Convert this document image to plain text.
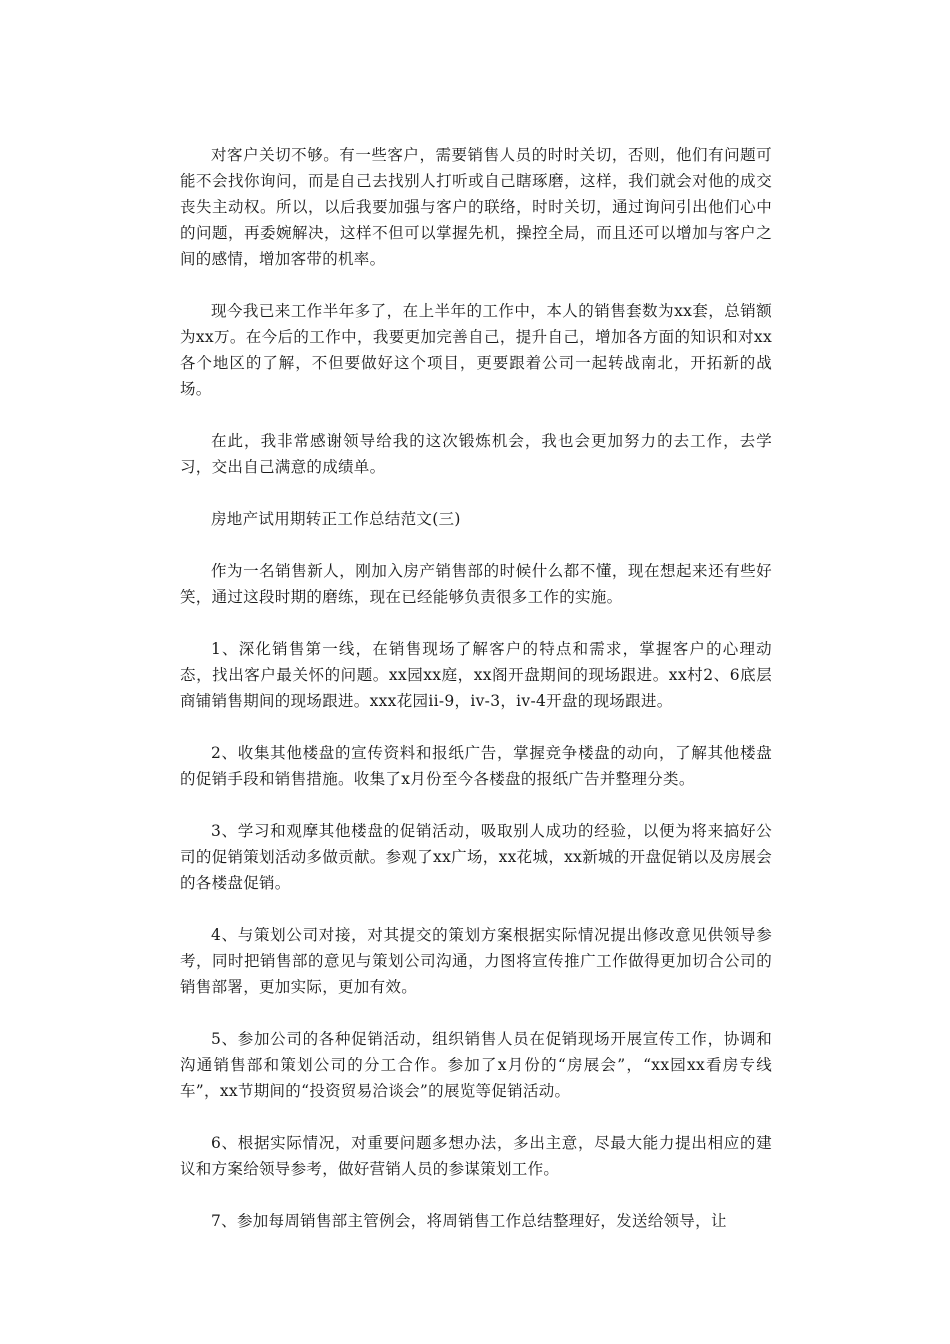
对客户关切不够。有一些客户，需要销售人员的时时关切，否则，他们有问题可能不会找你询问，而是自己去找别人打听或自己瞎琢磨，这样，我们就会对他的成交丧失主动权。所以，以后我要加强与客户的联络，时时关切，通过询问引出他们心中的问题，再委婉解决，这样不但可以掌握先机，操控全局，而且还可以增加与客户之间的感情，增加客带的机率。

现今我已来工作半年多了，在上半年的工作中，本人的销售套数为xx套，总销额为xx万。在今后的工作中，我要更加完善自己，提升自己，增加各方面的知识和对xx各个地区的了解，不但要做好这个项目，更要跟着公司一起转战南北，开拓新的战场。

在此，我非常感谢领导给我的这次锻炼机会，我也会更加努力的去工作，去学习，交出自己满意的成绩单。

房地产试用期转正工作总结范文(三)

作为一名销售新人，刚加入房产销售部的时候什么都不懂，现在想起来还有些好笑，通过这段时期的磨练，现在已经能够负责很多工作的实施。

1、深化销售第一线，在销售现场了解客户的特点和需求，掌握客户的心理动态，找出客户最关怀的问题。xx园xx庭，xx阁开盘期间的现场跟进。xx村2、6底层商铺销售期间的现场跟进。xxx花园ii-9，iv-3，iv-4开盘的现场跟进。

2、收集其他楼盘的宣传资料和报纸广告，掌握竞争楼盘的动向，了解其他楼盘的促销手段和销售措施。收集了x月份至今各楼盘的报纸广告并整理分类。

3、学习和观摩其他楼盘的促销活动，吸取别人成功的经验，以便为将来搞好公司的促销策划活动多做贡献。参观了xx广场，xx花城，xx新城的开盘促销以及房展会的各楼盘促销。

4、与策划公司对接，对其提交的策划方案根据实际情况提出修改意见供领导参考，同时把销售部的意见与策划公司沟通，力图将宣传推广工作做得更加切合公司的销售部署，更加实际，更加有效。

5、参加公司的各种促销活动，组织销售人员在促销现场开展宣传工作，协调和沟通销售部和策划公司的分工合作。参加了x月份的“房展会”，“xx园xx看房专线车”，xx节期间的“投资贸易洽谈会”的展览等促销活动。

6、根据实际情况，对重要问题多想办法，多出主意，尽最大能力提出相应的建议和方案给领导参考，做好营销人员的参谋策划工作。

7、参加每周销售部主管例会，将周销售工作总结整理好，发送给领导，让
